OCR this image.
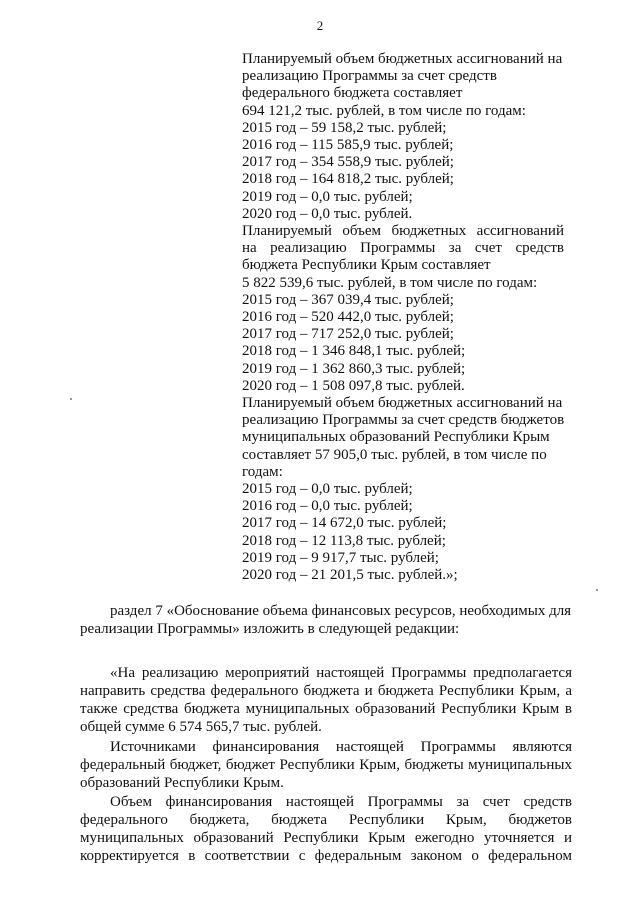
2
Планируемый объем бюджетных ассигнований на
реализацию Программы за счет средств
федерального бюджета составляет
694 121,2 тыс. рублей, в том числе по годам:
2015 год – 59 158,2 тыс. рублей;
2016 год – 115 585,9 тыс. рублей;
2017 год – 354 558,9 тыс. рублей;
2018 год – 164 818,2 тыс. рублей;
2019 год – 0,0 тыс. рублей;
2020 год – 0,0 тыс. рублей.
Планируемый объем бюджетных ассигнований
на реализацию Программы за счет средств
бюджета Республики Крым составляет
5 822 539,6 тыс. рублей, в том числе по годам:
2015 год – 367 039,4 тыс. рублей;
2016 год – 520 442,0 тыс. рублей;
2017 год – 717 252,0 тыс. рублей;
2018 год – 1 346 848,1 тыс. рублей;
2019 год – 1 362 860,3 тыс. рублей;
2020 год – 1 508 097,8 тыс. рублей.
Планируемый объем бюджетных ассигнований на
реализацию Программы за счет средств бюджетов
муниципальных образований Республики Крым
составляет 57 905,0 тыс. рублей, в том числе по
годам:
2015 год – 0,0 тыс. рублей;
2016 год – 0,0 тыс. рублей;
2017 год – 14 672,0 тыс. рублей;
2018 год – 12 113,8 тыс. рублей;
2019 год – 9 917,7 тыс. рублей;
2020 год – 21 201,5 тыс. рублей.»;
раздел 7 «Обоснование объема финансовых ресурсов, необходимых для
реализации Программы» изложить в следующей редакции:
«На реализацию мероприятий настоящей Программы предполагается
направить средства федерального бюджета и бюджета Республики Крым, а
также средства бюджета муниципальных образований Республики Крым в
общей сумме 6 574 565,7 тыс. рублей.
Источниками финансирования настоящей Программы являются
федеральный бюджет, бюджет Республики Крым, бюджеты муниципальных
образований Республики Крым.
Объем финансирования настоящей Программы за счет средств
федерального бюджета, бюджета Республики Крым, бюджетов
муниципальных образований Республики Крым ежегодно уточняется и
корректируется в соответствии с федеральным законом о федеральном
